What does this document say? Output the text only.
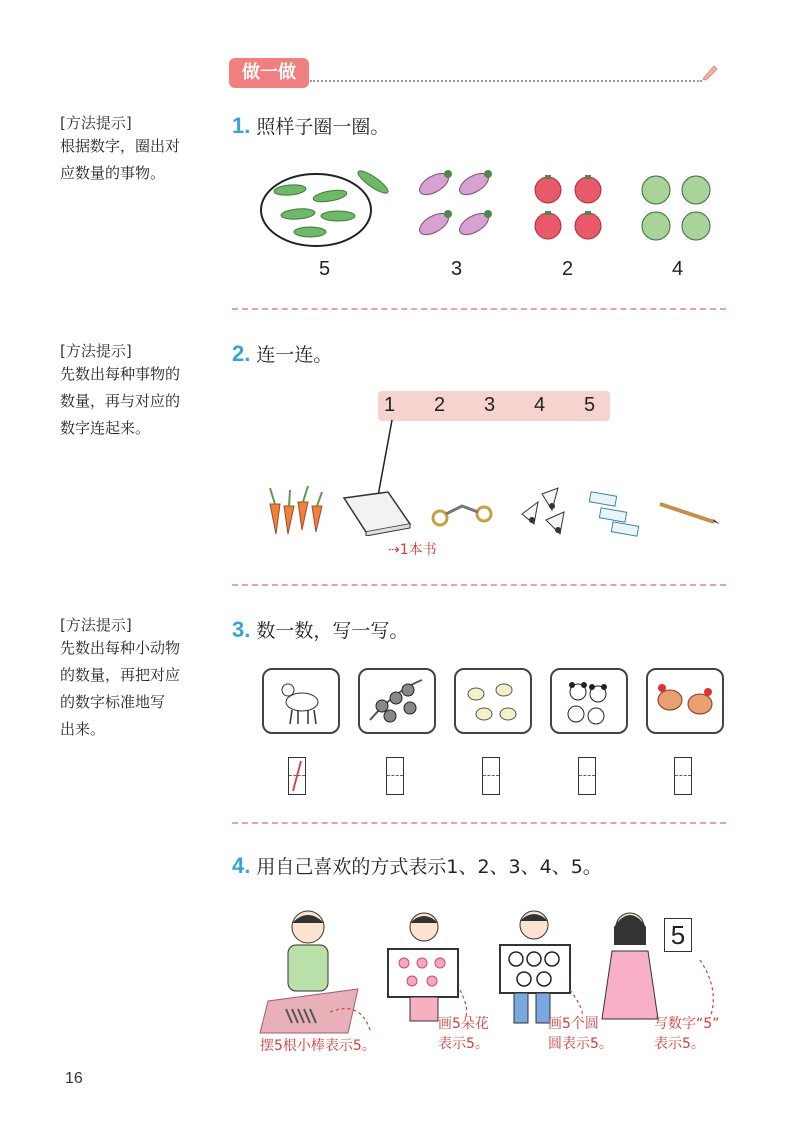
做一做
[方法提示]
根据数字，圈出对
应数量的事物。
1. 照样子圈一圈。
5	3	2	4
[方法提示]
先数出每种事物的
数量，再与对应的
数字连起来。
2. 连一连。
1 2 3 4 5
⇢1本书
[方法提示]
先数出每种小动物
的数量，再把对应
的数字标准地写
出来。
3. 数一数，写一写。
4. 用自己喜欢的方式表示1、2、3、4、5。
5
摆5根小棒表示5。
画5朵花
表示5。
画5个圆
圆表示5。
写数字“5”
表示5。
16
